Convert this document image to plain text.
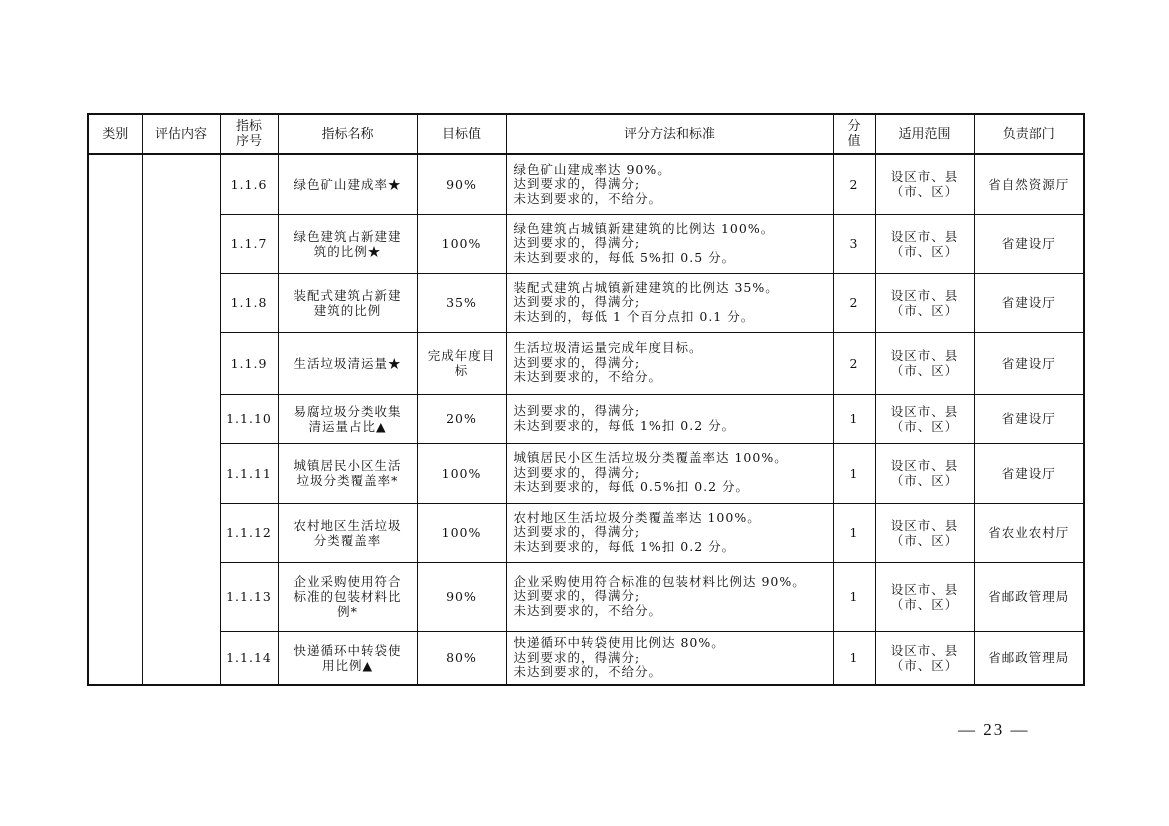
类别	评估内容	指标序号	指标名称	目标值	评分方法和标准	分值	适用范围	负责部门
		1.1.6	绿色矿山建成率★	90%	绿色矿山建成率达 90%。
达到要求的，得满分;
未达到要求的，不给分。	2	设区市、县（市、区）	省自然资源厅
		1.1.7	绿色建筑占新建建筑的比例★	100%	绿色建筑占城镇新建建筑的比例达 100%。
达到要求的，得满分;
未达到要求的，每低 5%扣 0.5 分。	3	设区市、县（市、区）	省建设厅
		1.1.8	装配式建筑占新建建筑的比例	35%	装配式建筑占城镇新建建筑的比例达 35%。
达到要求的，得满分;
未达到的，每低 1 个百分点扣 0.1 分。	2	设区市、县（市、区）	省建设厅
		1.1.9	生活垃圾清运量★	完成年度目标	生活垃圾清运量完成年度目标。
达到要求的，得满分;
未达到要求的，不给分。	2	设区市、县（市、区）	省建设厅
		1.1.10	易腐垃圾分类收集清运量占比▲	20%	达到要求的，得满分;
未达到要求的，每低 1%扣 0.2 分。	1	设区市、县（市、区）	省建设厅
		1.1.11	城镇居民小区生活垃圾分类覆盖率*	100%	城镇居民小区生活垃圾分类覆盖率达 100%。
达到要求的，得满分;
未达到要求的，每低 0.5%扣 0.2 分。	1	设区市、县（市、区）	省建设厅
		1.1.12	农村地区生活垃圾分类覆盖率	100%	农村地区生活垃圾分类覆盖率达 100%。
达到要求的，得满分;
未达到要求的，每低 1%扣 0.2 分。	1	设区市、县（市、区）	省农业农村厅
		1.1.13	企业采购使用符合标准的包装材料比例*	90%	企业采购使用符合标准的包装材料比例达 90%。
达到要求的，得满分;
未达到要求的，不给分。	1	设区市、县（市、区）	省邮政管理局
		1.1.14	快递循环中转袋使用比例▲	80%	快递循环中转袋使用比例达 80%。
达到要求的，得满分;
未达到要求的，不给分。	1	设区市、县（市、区）	省邮政管理局
— 23 —
